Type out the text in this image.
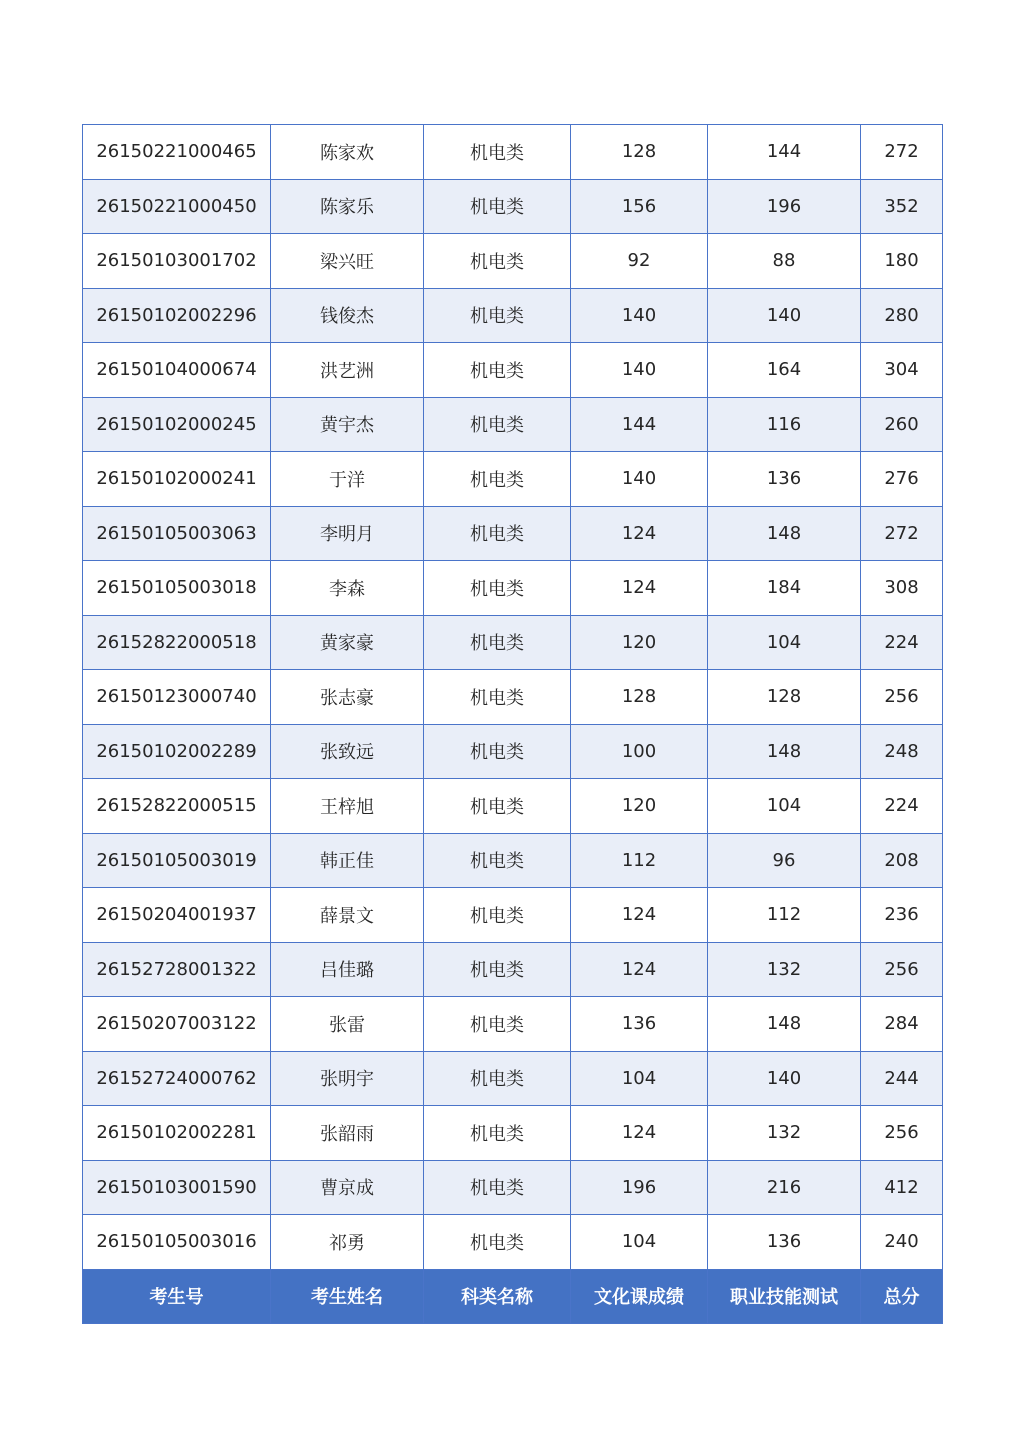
26150221000465	陈家欢	机电类	128	144	272
26150221000450	陈家乐	机电类	156	196	352
26150103001702	梁兴旺	机电类	92	88	180
26150102002296	钱俊杰	机电类	140	140	280
26150104000674	洪艺洲	机电类	140	164	304
26150102000245	黄宇杰	机电类	144	116	260
26150102000241	于洋	机电类	140	136	276
26150105003063	李明月	机电类	124	148	272
26150105003018	李森	机电类	124	184	308
26152822000518	黄家豪	机电类	120	104	224
26150123000740	张志豪	机电类	128	128	256
26150102002289	张致远	机电类	100	148	248
26152822000515	王梓旭	机电类	120	104	224
26150105003019	韩正佳	机电类	112	96	208
26150204001937	薛景文	机电类	124	112	236
26152728001322	吕佳璐	机电类	124	132	256
26150207003122	张雷	机电类	136	148	284
26152724000762	张明宇	机电类	104	140	244
26150102002281	张韶雨	机电类	124	132	256
26150103001590	曹京成	机电类	196	216	412
26150105003016	祁勇	机电类	104	136	240
考生号	考生姓名	科类名称	文化课成绩	职业技能测试	总分
